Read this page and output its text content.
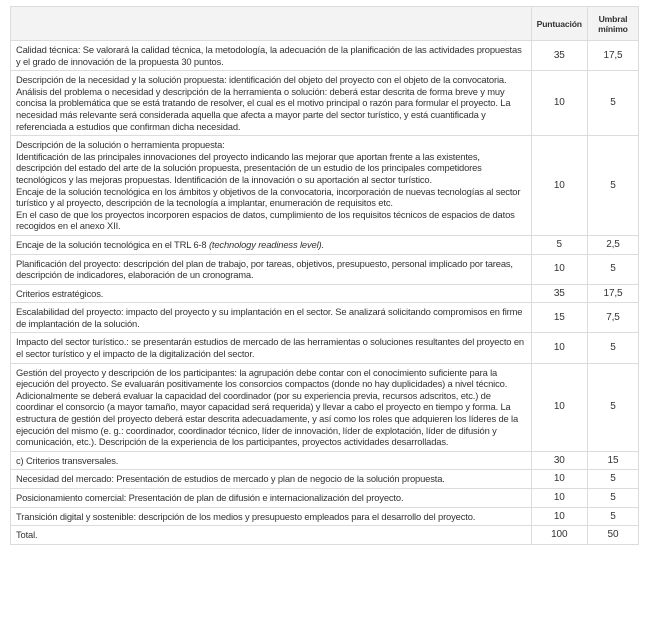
	Puntuación	Umbral mínimo
Calidad técnica: Se valorará la calidad técnica, la metodología, la adecuación de la planificación de las actividades propuestas y el grado de innovación de la propuesta 30 puntos.	35	17,5
Descripción de la necesidad y la solución propuesta: identificación del objeto del proyecto con el objeto de la convocatoria. Análisis del problema o necesidad y descripción de la herramienta o solución: deberá estar descrita de forma breve y muy concisa la problemática que se está tratando de resolver, el cual es el motivo principal o razón para formular el proyecto. La necesidad más relevante será considerada aquella que afecta a mayor parte del sector turístico, y está cuantificada y referenciada a estudios que confirman dicha necesidad.	10	5

Descripción de la solución o herramienta propuesta:
Identificación de las principales innovaciones del proyecto indicando las mejorar que aportan frente a las existentes, descripción del estado del arte de la solución propuesta, presentación de un estudio de los principales competidores tecnológicos y las mejoras propuestas. Identificación de la innovación o su aportación al sector turístico.
Encaje de la solución tecnológica en los ámbitos y objetivos de la convocatoria, incorporación de nuevas tecnologías al sector turístico y al proyecto, descripción de la tecnología a implantar, enumeración de requisitos etc.
En el caso de que los proyectos incorporen espacios de datos, cumplimiento de los requisitos técnicos de espacios de datos recogidos en el anexo XII.	10	5
Encaje de la solución tecnológica en el TRL 6-8 (technology readiness level).	5	2,5
Planificación del proyecto: descripción del plan de trabajo, por tareas, objetivos, presupuesto, personal implicado por tareas, descripción de indicadores, elaboración de un cronograma.	10	5
Criterios estratégicos.	35	17,5
Escalabilidad del proyecto: impacto del proyecto y su implantación en el sector. Se analizará solicitando compromisos en firme de implantación de la solución.	15	7,5
Impacto del sector turístico.: se presentarán estudios de mercado de las herramientas o soluciones resultantes del proyecto en el sector turístico y el impacto de la digitalización del sector.	10	5
Gestión del proyecto y descripción de los participantes: la agrupación debe contar con el conocimiento suficiente para la ejecución del proyecto. Se evaluarán positivamente los consorcios compactos (donde no hay duplicidades) a nivel técnico. Adicionalmente se deberá evaluar la capacidad del coordinador (por su experiencia previa, recursos adscritos, etc.) de coordinar el consorcio (a mayor tamaño, mayor capacidad será requerida) y llevar a cabo el proyecto en tiempo y forma. La estructura de gestión del proyecto deberá estar descrita adecuadamente, y así como los roles que adquieren los líderes de la ejecución del mismo (e. g.: coordinador, coordinador técnico, líder de innovación, líder de explotación, líder de difusión y comunicación, etc.). Descripción de la experiencia de los participantes, proyectos actividades desarrolladas.	10	5
c) Criterios transversales.	30	15
Necesidad del mercado: Presentación de estudios de mercado y plan de negocio de la solución propuesta.	10	5
Posicionamiento comercial: Presentación de plan de difusión e internacionalización del proyecto.	10	5
Transición digital y sostenible: descripción de los medios y presupuesto empleados para el desarrollo del proyecto.	10	5
Total.	100	50
